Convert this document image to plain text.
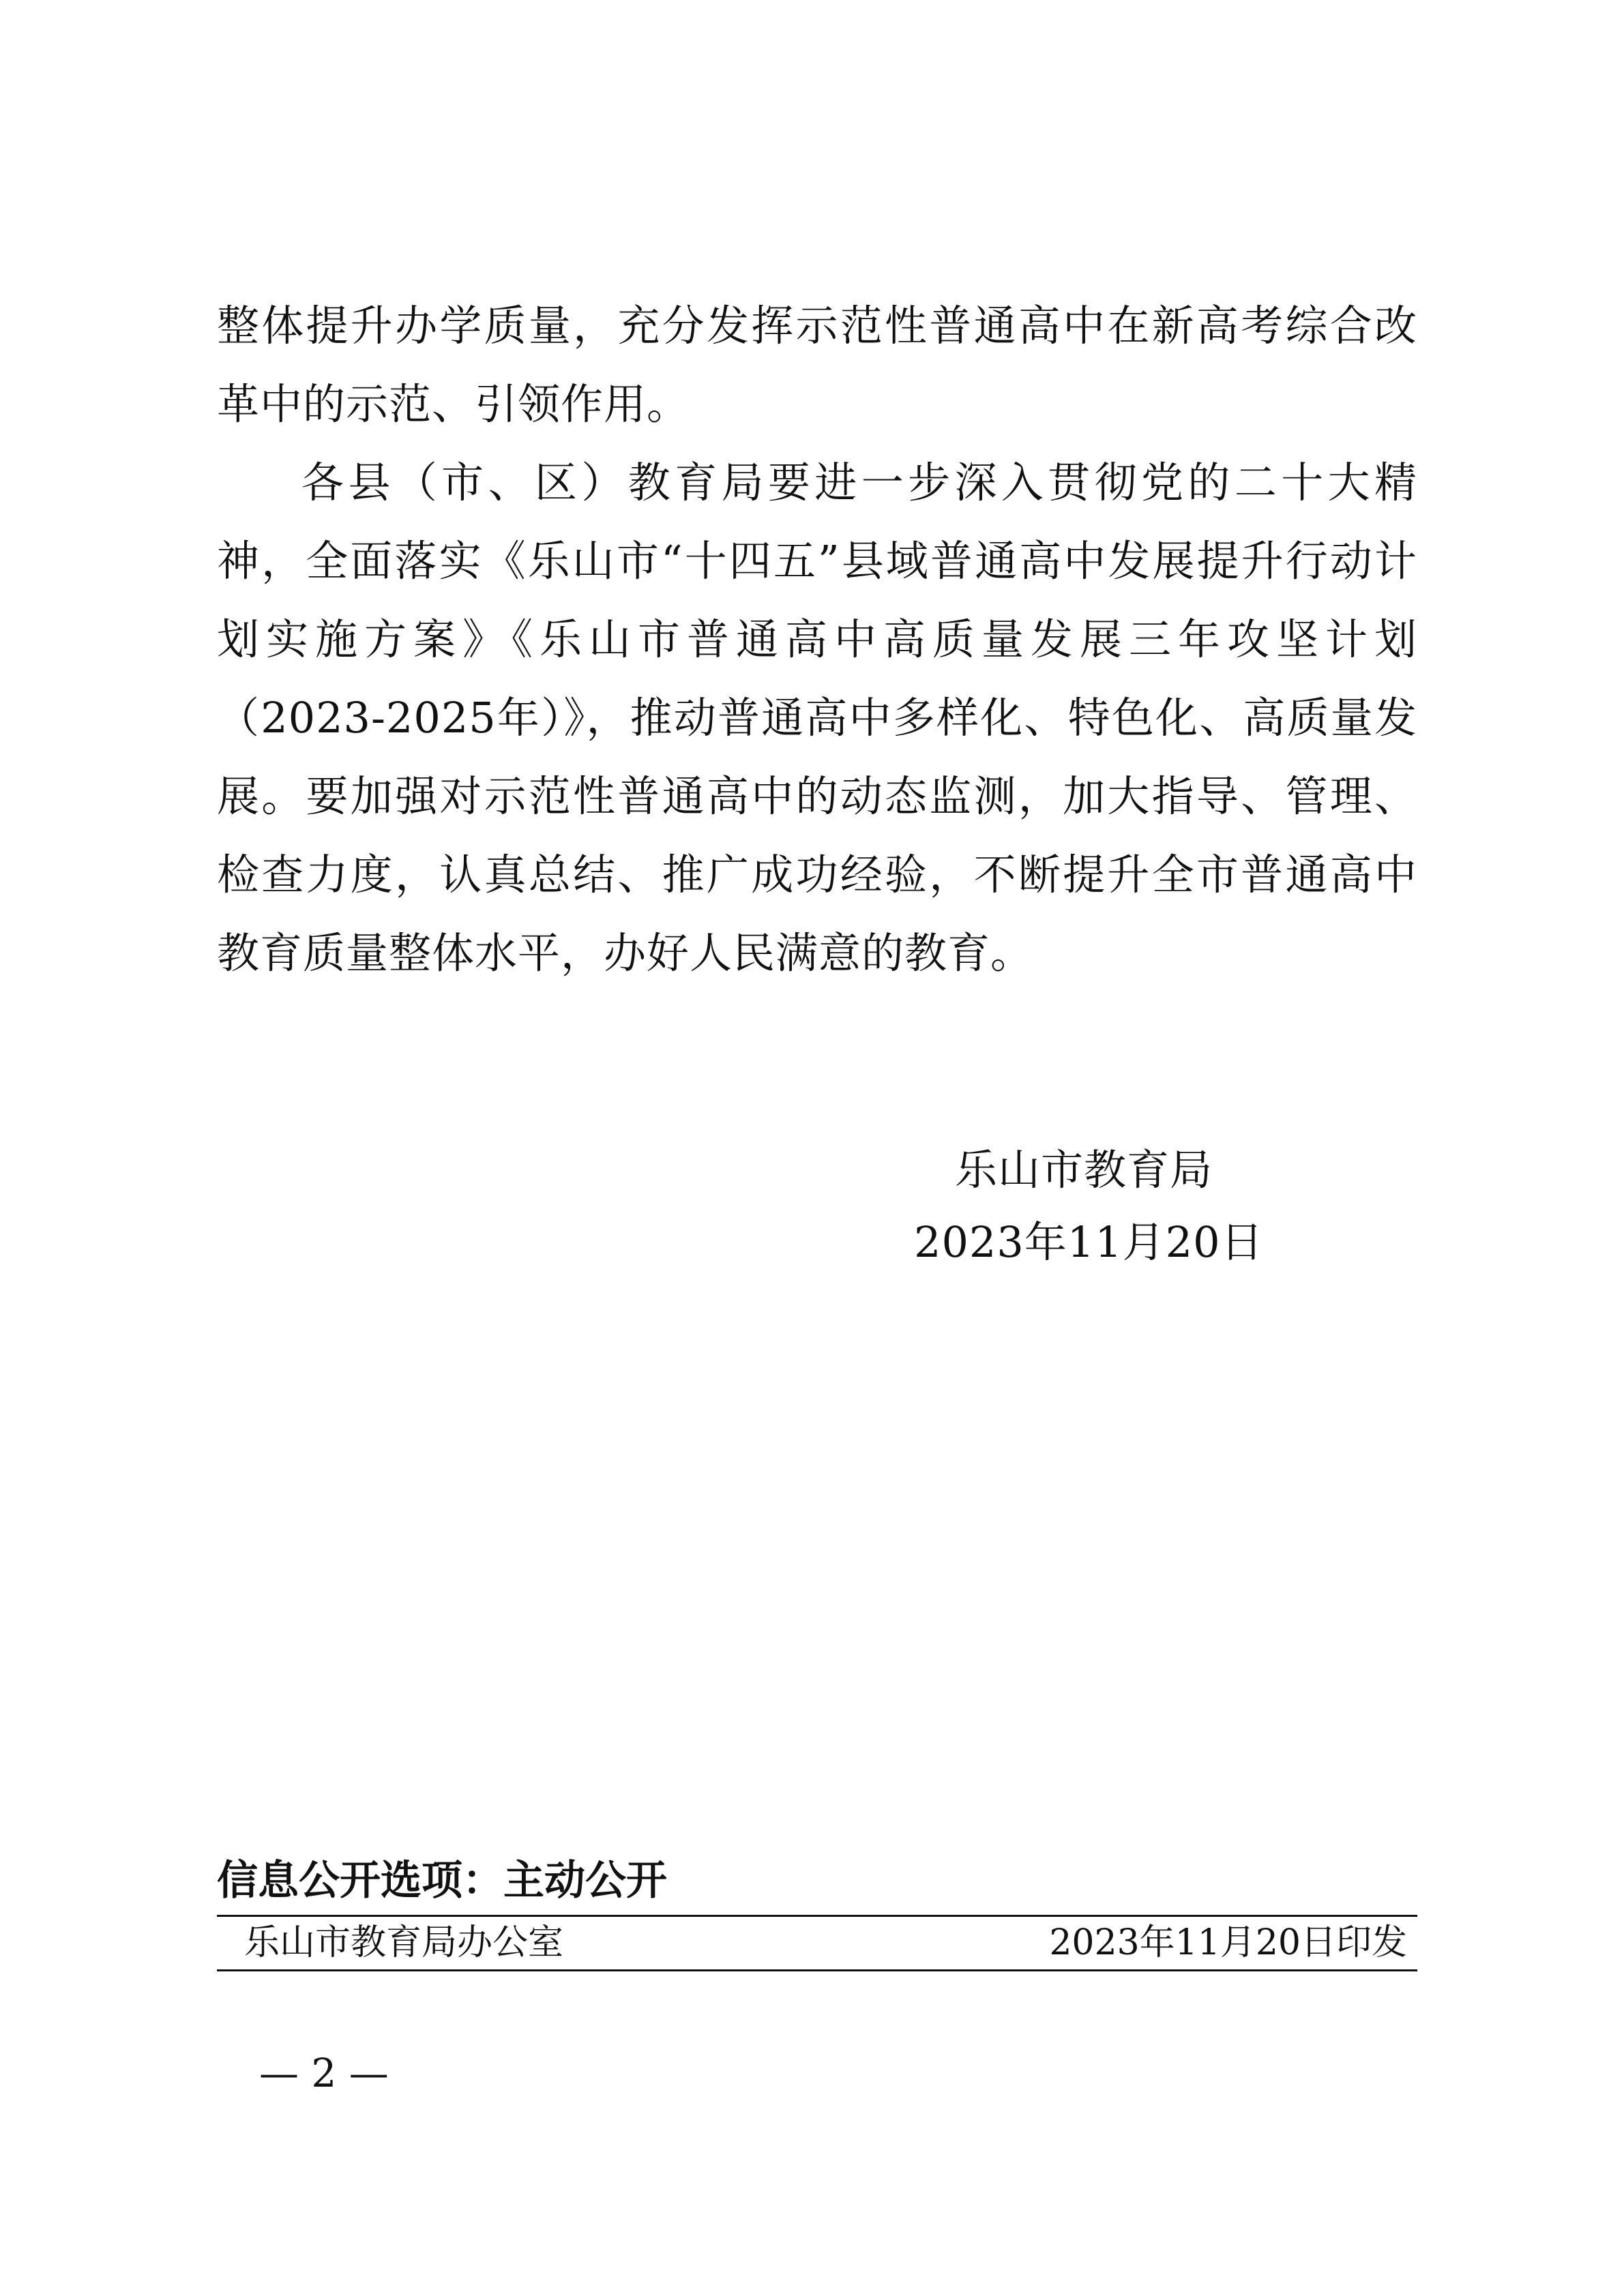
整体提升办学质量，充分发挥示范性普通高中在新高考综合改革中的示范、引领作用。

各县（市、区）教育局要进一步深入贯彻党的二十大精神，全面落实《乐山市“十四五”县域普通高中发展提升行动计划实施方案》《乐山市普通高中高质量发展三年攻坚计划（2023-2025年）》，推动普通高中多样化、特色化、高质量发展。要加强对示范性普通高中的动态监测，加大指导、管理、检查力度，认真总结、推广成功经验，不断提升全市普通高中教育质量整体水平，办好人民满意的教育。

乐山市教育局
2023年11月20日
信息公开选项：主动公开
乐山市教育局办公室	2023年11月20日印发
— 2 —
